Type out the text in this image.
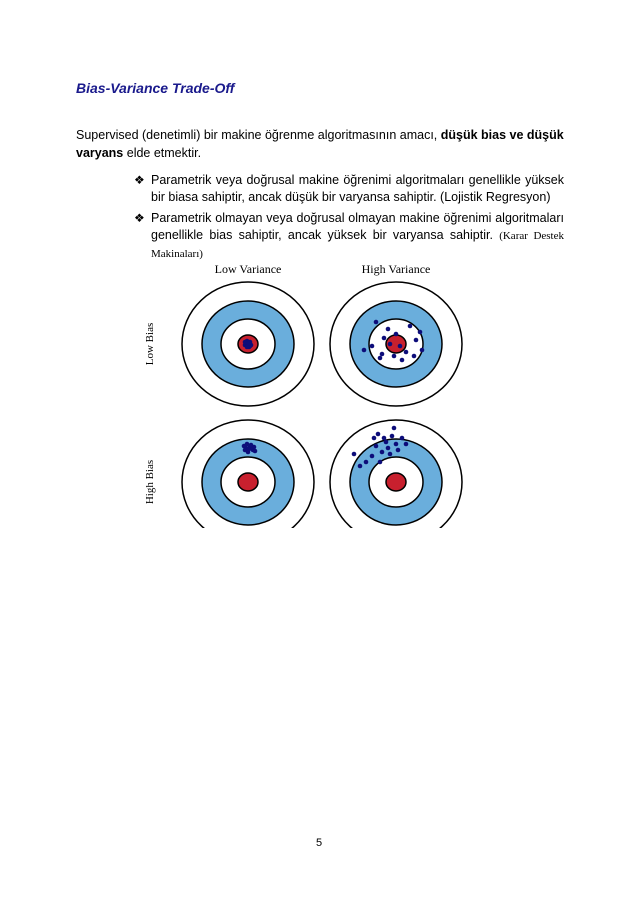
Bias-Variance Trade-Off

Supervised (denetimli) bir makine öğrenme algoritmasının amacı, düşük bias ve düşük varyans elde etmektir.

❖ Parametrik veya doğrusal makine öğrenimi algoritmaları genellikle yüksek bir biasa sahiptir, ancak düşük bir varyansa sahiptir. (Lojistik Regresyon)
❖ Parametrik olmayan veya doğrusal olmayan makine öğrenimi algoritmaları genellikle bias sahiptir, ancak yüksek bir varyansa sahiptir. (Karar Destek Makinaları)
Low Variance	High Variance
Low Bias
High Bias
5
